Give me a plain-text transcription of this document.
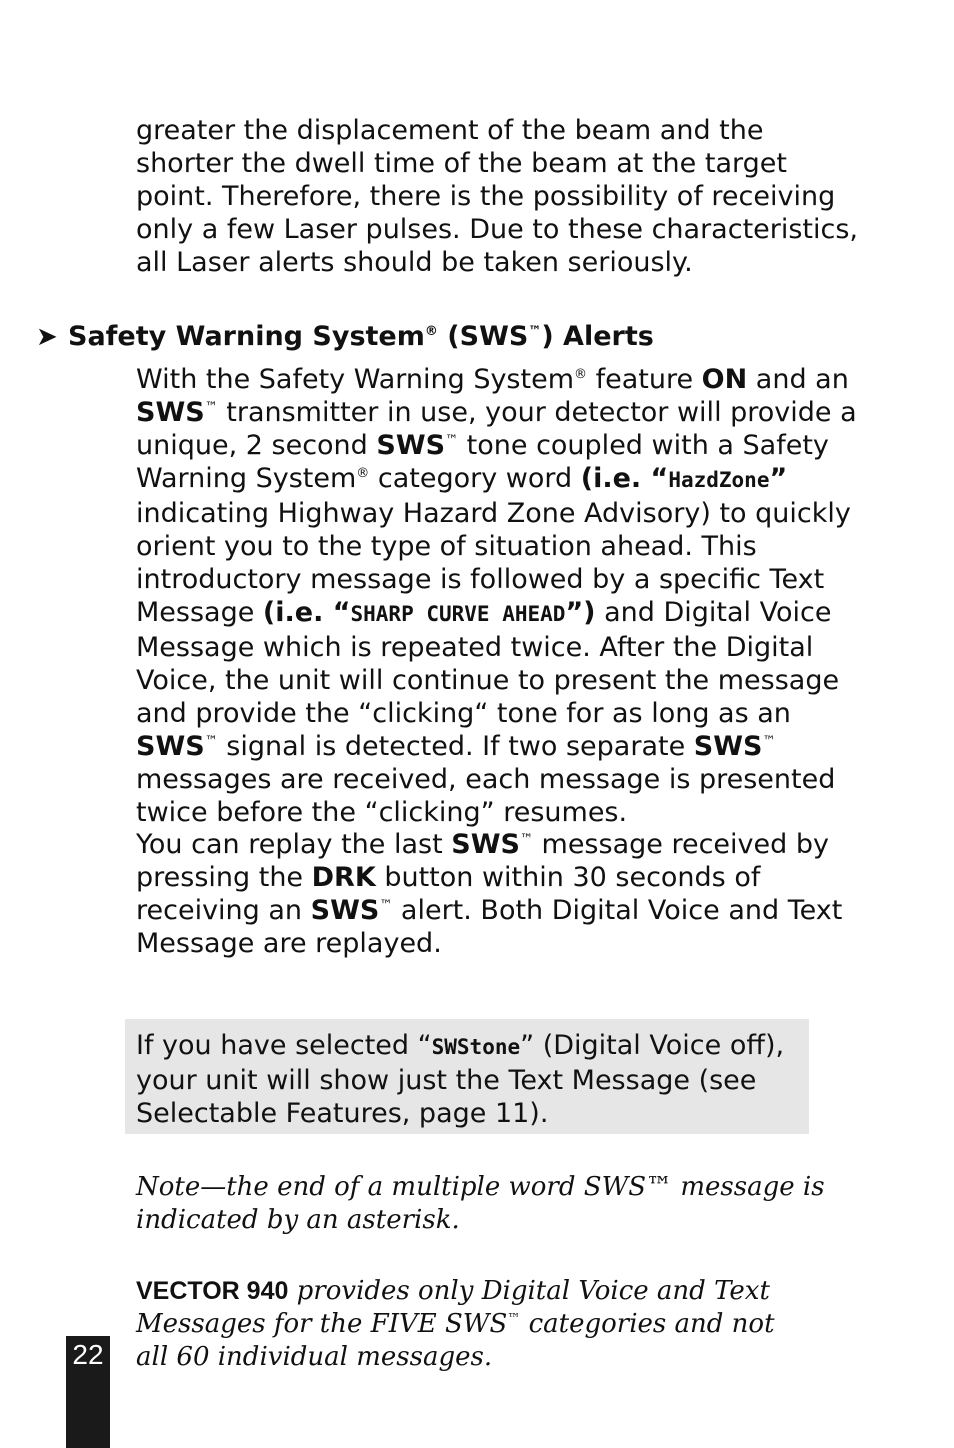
greater the displacement of the beam and the shorter the dwell time of the beam at the target point. Therefore, there is the possibility of receiving only a few Laser pulses. Due to these characteristics, all Laser alerts should be taken seriously.

➤ Safety Warning System® (SWS™) Alerts

With the Safety Warning System® feature ON and an SWS™ transmitter in use, your detector will provide a unique, 2 second SWS™ tone coupled with a Safety Warning System® category word (i.e. “HazdZone” indicating Highway Hazard Zone Advisory) to quickly orient you to the type of situation ahead. This introductory message is followed by a specific Text Message (i.e. “SHARP CURVE AHEAD”) and Digital Voice Message which is repeated twice. After the Digital Voice, the unit will continue to present the message and provide the “clicking“ tone for as long as an SWS™ signal is detected. If two separate SWS™ messages are received, each message is presented twice before the “clicking” resumes.

You can replay the last SWS™ message received by pressing the DRK button within 30 seconds of receiving an SWS™ alert. Both Digital Voice and Text Message are replayed.

If you have selected “SWStone” (Digital Voice off), your unit will show just the Text Message (see Selectable Features, page 11).

Note—the end of a multiple word SWS™ message is indicated by an asterisk.

VECTOR 940 provides only Digital Voice and Text Messages for the FIVE SWS™ categories and not all 60 individual messages.

22
